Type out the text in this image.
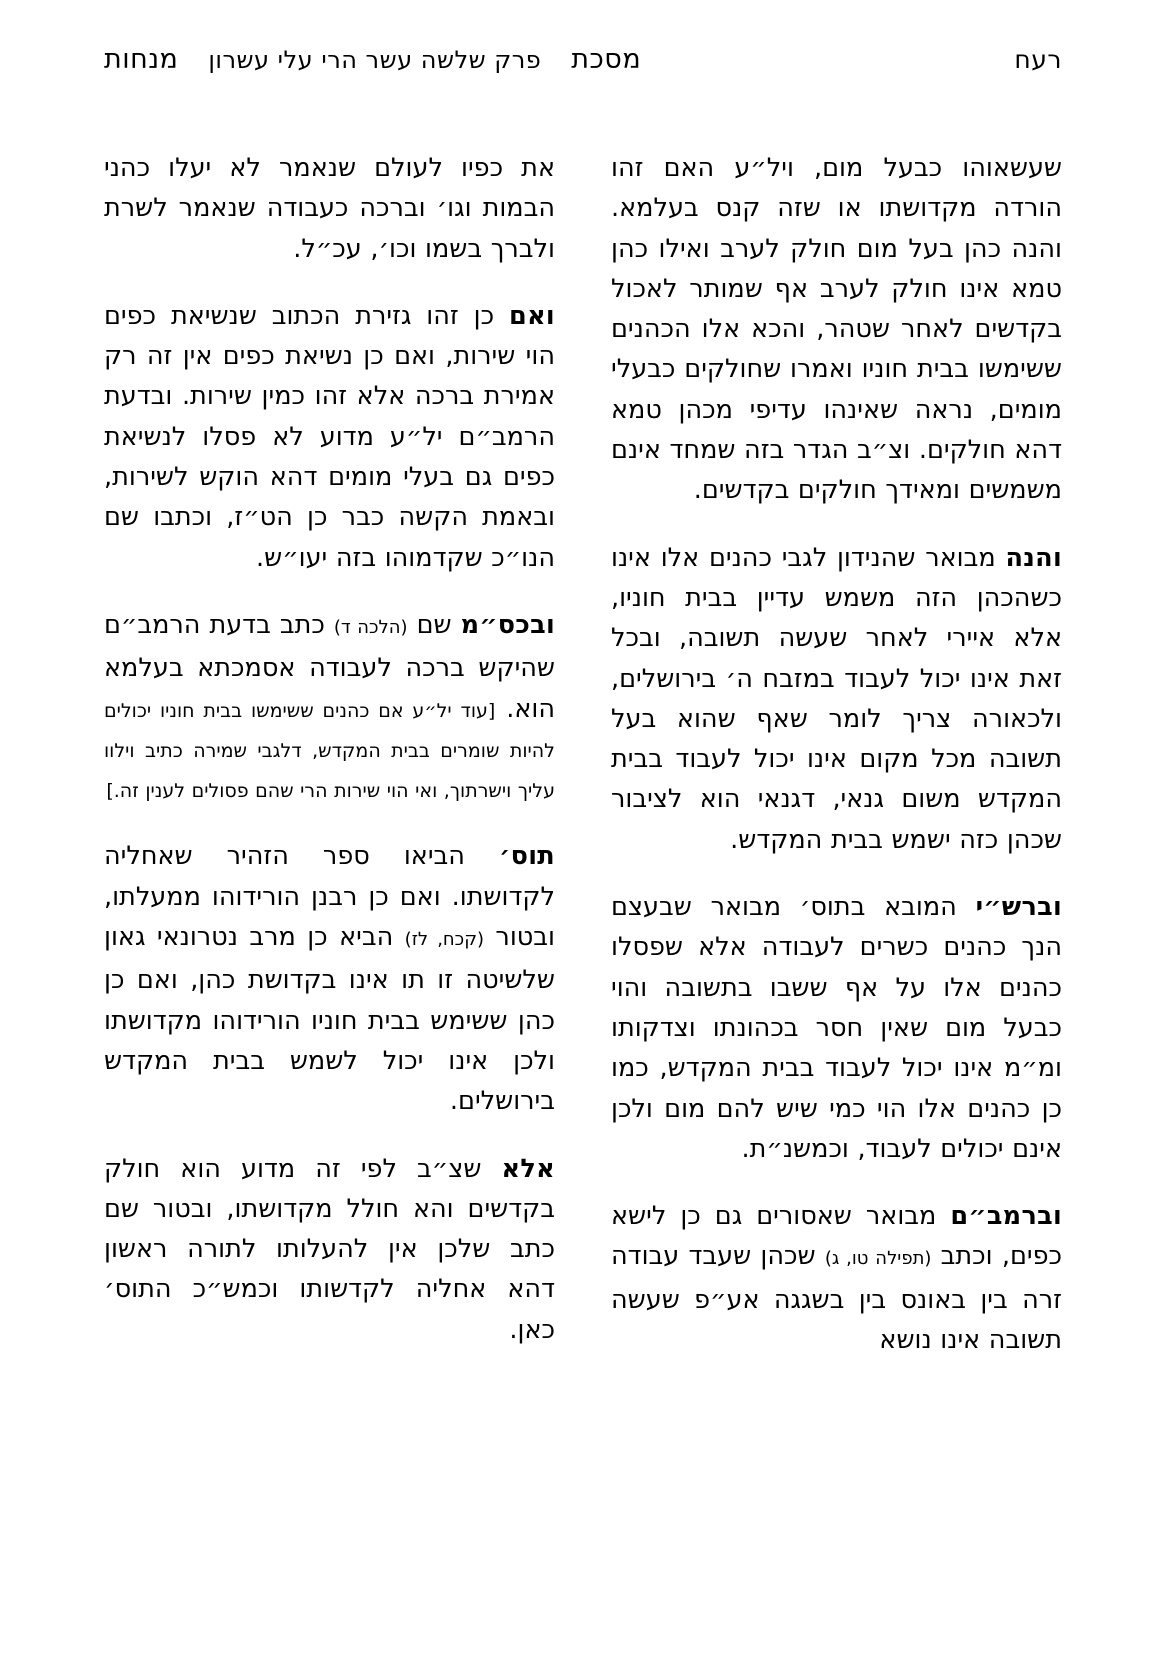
רעח
מסכת
פרק שלשה עשר הרי עלי עשרון
מנחות

שעשאוהו כבעל מום, ויל״ע האם זהו הורדה מקדושתו או שזה קנס בעלמא. והנה כהן בעל מום חולק לערב ואילו כהן טמא אינו חולק לערב אף שמותר לאכול בקדשים לאחר שטהר, והכא אלו הכהנים ששימשו בבית חוניו ואמרו שחולקים כבעלי מומים, נראה שאינהו עדיפי מכהן טמא דהא חולקים. וצ״ב הגדר בזה שמחד אינם משמשים ומאידך חולקים בקדשים.

והנה מבואר שהנידון לגבי כהנים אלו אינו כשהכהן הזה משמש עדיין בבית חוניו, אלא איירי לאחר שעשה תשובה, ובכל זאת אינו יכול לעבוד במזבח ה׳ בירושלים, ולכאורה צריך לומר שאף שהוא בעל תשובה מכל מקום אינו יכול לעבוד בבית המקדש משום גנאי, דגנאי הוא לציבור שכהן כזה ישמש בבית המקדש.

וברש״י המובא בתוס׳ מבואר שבעצם הנך כהנים כשרים לעבודה אלא שפסלו כהנים אלו על אף ששבו בתשובה והוי כבעל מום שאין חסר בכהונתו וצדקותו ומ״מ אינו יכול לעבוד בבית המקדש, כמו כן כהנים אלו הוי כמי שיש להם מום ולכן אינם יכולים לעבוד, וכמשנ״ת.

וברמב״ם מבואר שאסורים גם כן לישא כפים, וכתב (תפילה טו, ג) שכהן שעבד עבודה זרה בין באונס בין בשגגה אע״פ שעשה תשובה אינו נושא

את כפיו לעולם שנאמר לא יעלו כהני הבמות וגו׳ וברכה כעבודה שנאמר לשרת ולברך בשמו וכו׳, עכ״ל.

ואם כן זהו גזירת הכתוב שנשיאת כפים הוי שירות, ואם כן נשיאת כפים אין זה רק אמירת ברכה אלא זהו כמין שירות. ובדעת הרמב״ם יל״ע מדוע לא פסלו לנשיאת כפים גם בעלי מומים דהא הוקש לשירות, ובאמת הקשה כבר כן הט״ז, וכתבו שם הנו״כ שקדמוהו בזה יעו״ש.

ובכס״מ שם (הלכה ד) כתב בדעת הרמב״ם שהיקש ברכה לעבודה אסמכתא בעלמא הוא. [עוד יל״ע אם כהנים ששימשו בבית חוניו יכולים להיות שומרים בבית המקדש, דלגבי שמירה כתיב וילוו עליך וישרתוך, ואי הוי שירות הרי שהם פסולים לענין זה.]

תוס׳ הביאו ספר הזהיר שאחליה לקדושתו. ואם כן רבנן הורידוהו ממעלתו, ובטור (קכח, לז) הביא כן מרב נטרונאי גאון שלשיטה זו תו אינו בקדושת כהן, ואם כן כהן ששימש בבית חוניו הורידוהו מקדושתו ולכן אינו יכול לשמש בבית המקדש בירושלים.

אלא שצ״ב לפי זה מדוע הוא חולק בקדשים והא חולל מקדושתו, ובטור שם כתב שלכן אין להעלותו לתורה ראשון דהא אחליה לקדשותו וכמש״כ התוס׳ כאן.
